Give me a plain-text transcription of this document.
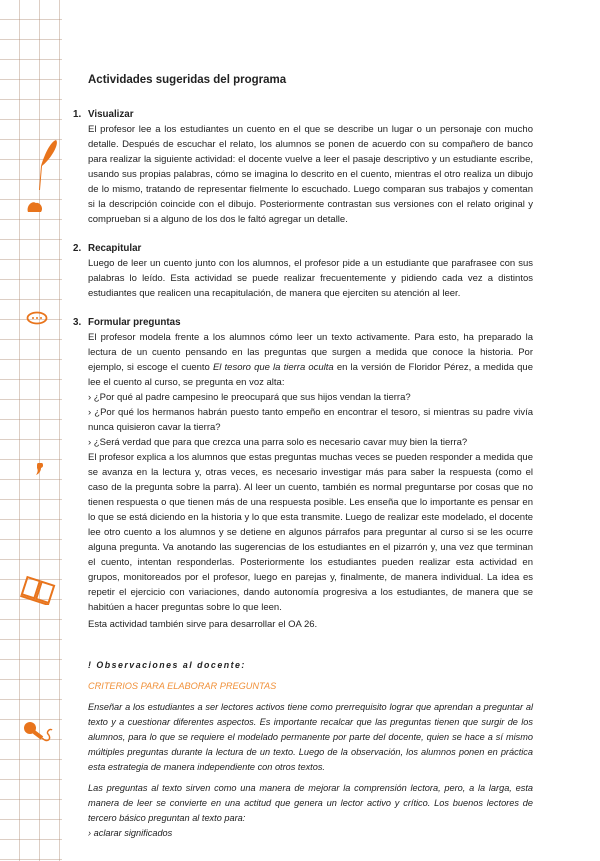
Actividades sugeridas del programa
1. Visualizar

El profesor lee a los estudiantes un cuento en el que se describe un lugar o un personaje con mucho detalle. Después de escuchar el relato, los alumnos se ponen de acuerdo con su compañero de banco para realizar la siguiente actividad: el docente vuelve a leer el pasaje descriptivo y un estudiante escribe, usando sus propias palabras, cómo se imagina lo descrito en el cuento, mientras el otro realiza un dibujo de lo mismo, tratando de representar fielmente lo escuchado. Luego comparan sus trabajos y comentan si la descripción coincide con el dibujo. Posteriormente contrastan sus versiones con el relato original y comprueban si a alguno de los dos le faltó agregar un detalle.

2. Recapitular

Luego de leer un cuento junto con los alumnos, el profesor pide a un estudiante que parafrasee con sus palabras lo leído. Esta actividad se puede realizar frecuentemente y pidiendo cada vez a distintos estudiantes que realicen una recapitulación, de manera que ejerciten su atención al leer.

3. Formular preguntas

El profesor modela frente a los alumnos cómo leer un texto activamente. Para esto, ha preparado la lectura de un cuento pensando en las preguntas que surgen a medida que conoce la historia. Por ejemplo, si escoge el cuento El tesoro que la tierra oculta en la versión de Floridor Pérez, a medida que lee el cuento al curso, se pregunta en voz alta:

› ¿Por qué al padre campesino le preocupará que sus hijos vendan la tierra?

› ¿Por qué los hermanos habrán puesto tanto empeño en encontrar el tesoro, si mientras su padre vivía nunca quisieron cavar la tierra?

› ¿Será verdad que para que crezca una parra solo es necesario cavar muy bien la tierra?

El profesor explica a los alumnos que estas preguntas muchas veces se pueden responder a medida que se avanza en la lectura y, otras veces, es necesario investigar más para saber la respuesta (como el caso de la pregunta sobre la parra). Al leer un cuento, también es normal preguntarse por cosas que no tienen respuesta o que tienen más de una respuesta posible. Les enseña que lo importante es pensar en lo que se está diciendo en la historia y lo que esta transmite. Luego de realizar este modelado, el docente lee otro cuento a los alumnos y se detiene en algunos párrafos para preguntar al curso si se les ocurre alguna pregunta. Va anotando las sugerencias de los estudiantes en el pizarrón y, una vez que terminan el cuento, intentan responderlas. Posteriormente los estudiantes pueden realizar esta actividad en grupos, monitoreados por el profesor, luego en parejas y, finalmente, de manera individual. La idea es repetir el ejercicio con variaciones, dando autonomía progresiva a los estudiantes, de manera que se habitúen a hacer preguntas sobre lo que leen.

Esta actividad también sirve para desarrollar el OA 26.

! Observaciones al docente:
CRITERIOS PARA ELABORAR PREGUNTAS

Enseñar a los estudiantes a ser lectores activos tiene como prerrequisito lograr que aprendan a preguntar al texto y a cuestionar diferentes aspectos. Es importante recalcar que las preguntas tienen que surgir de los alumnos, para lo que se requiere el modelado permanente por parte del docente, quien se hace a sí mismo múltiples preguntas durante la lectura de un texto. Luego de la observación, los alumnos ponen en práctica esta estrategia de manera independiente con otros textos.

Las preguntas al texto sirven como una manera de mejorar la comprensión lectora, pero, a la larga, esta manera de leer se convierte en una actitud que genera un lector activo y crítico. Los buenos lectores de tercero básico preguntan al texto para:

› aclarar significados
